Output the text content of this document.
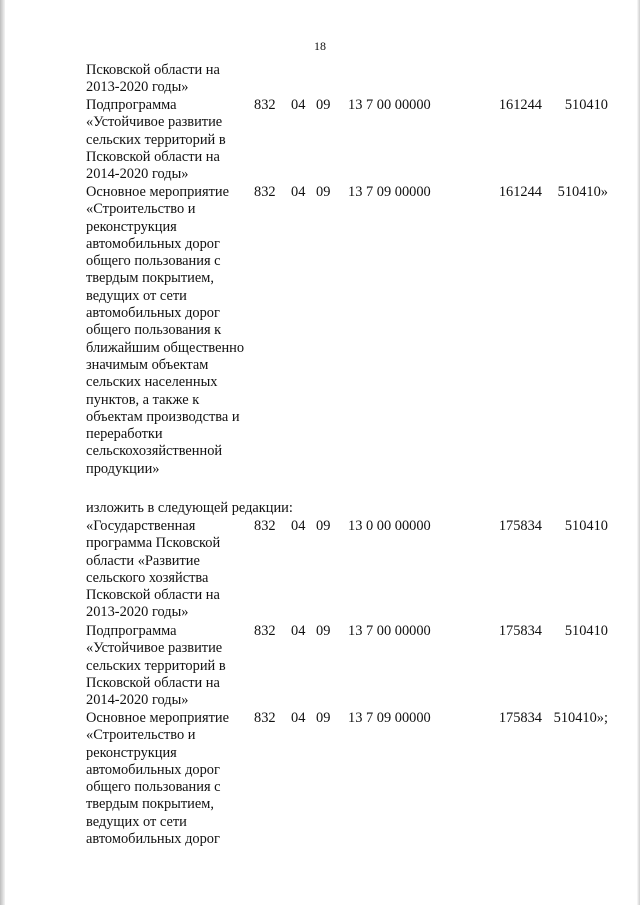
18
Псковской области на 2013-2020 годы»
Подпрограмма «Устойчивое развитие сельских территорий в Псковской области на 2014-2020 годы»
832 04 09 13 7 00 00000	161244 510410
Основное мероприятие «Строительство и реконструкция автомобильных дорог общего пользования с твердым покрытием, ведущих от сети автомобильных дорог общего пользования к ближайшим общественно значимым объектам сельских населенных пунктов, а также к объектам производства и переработки сельскохозяйственной продукции»
832 04 09 13 7 09 00000	161244 510410»
изложить в следующей редакции:
«Государственная программа Псковской области «Развитие сельского хозяйства Псковской области на 2013-2020 годы»
832 04 09 13 0 00 00000	175834 510410
Подпрограмма «Устойчивое развитие сельских территорий в Псковской области на 2014-2020 годы»
832 04 09 13 7 00 00000	175834 510410
Основное мероприятие «Строительство и реконструкция автомобильных дорог общего пользования с твердым покрытием, ведущих от сети автомобильных дорог
832 04 09 13 7 09 00000	175834 510410»;
